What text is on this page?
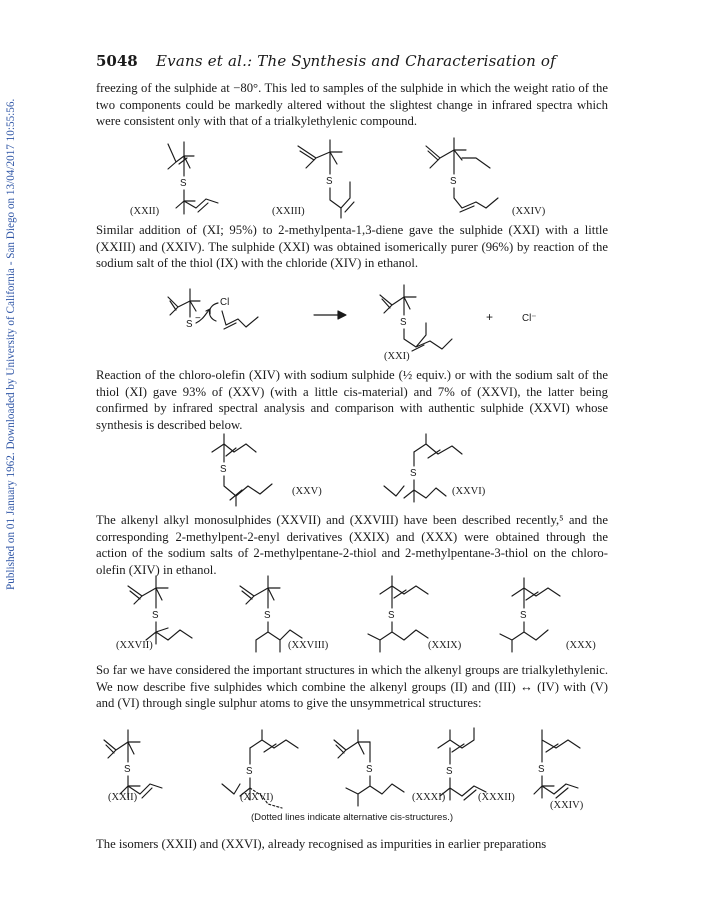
Published on 01 January 1962. Downloaded by University of California - San Diego on 13/04/2017 10:55:56.
5048 Evans et al.: The Synthesis and Characterisation of

freezing of the sulphide at −80°. This led to samples of the sulphide in which the weight ratio of the two components could be markedly altered without the slightest change in infrared spectra which were consistent only with that of a trialkylethylenic compound.

S
(XXII)
S
(XXIII)
S
(XXIV)

Similar addition of (XI; 95%) to 2-methylpenta-1,3-diene gave the sulphide (XXI) with a little (XXIII) and (XXIV). The sulphide (XXI) was obtained isomerically purer (96%) by reaction of the sodium salt of the thiol (IX) with the chloride (XIV) in ethanol.

S
−
Cl
S
(XXI)
+	Cl⁻

Reaction of the chloro-olefin (XIV) with sodium sulphide (½ equiv.) or with the sodium salt of the thiol (XI) gave 93% of (XXV) (with a little cis-material) and 7% of (XXVI), the latter being confirmed by infrared spectral analysis and comparison with authentic sulphide (XXVI) whose synthesis is described below.

S
(XXV)
S
(XXVI)

The alkenyl alkyl monosulphides (XXVII) and (XXVIII) have been described recently,⁵ and the corresponding 2-methylpent-2-enyl derivatives (XXIX) and (XXX) were obtained through the action of the sodium salts of 2-methylpentane-2-thiol and 2-methylpentane-3-thiol on the chloro-olefin (XIV) in ethanol.

S
(XXVII)
S
(XXVIII)
S
(XXIX)
S
(XXX)

So far we have considered the important structures in which the alkenyl groups are trialkylethylenic. We now describe five sulphides which combine the alkenyl groups (II) and (III) ↔ (IV) with (V) and (VI) through single sulphur atoms to give the unsymmetrical structures:

S
(XXII)
S
(XXVI)
S
(XXXI)
S
(XXXII)
S
(XXIV)
(Dotted lines indicate alternative cis-structures.)

The isomers (XXII) and (XXVI), already recognised as impurities in earlier preparations
